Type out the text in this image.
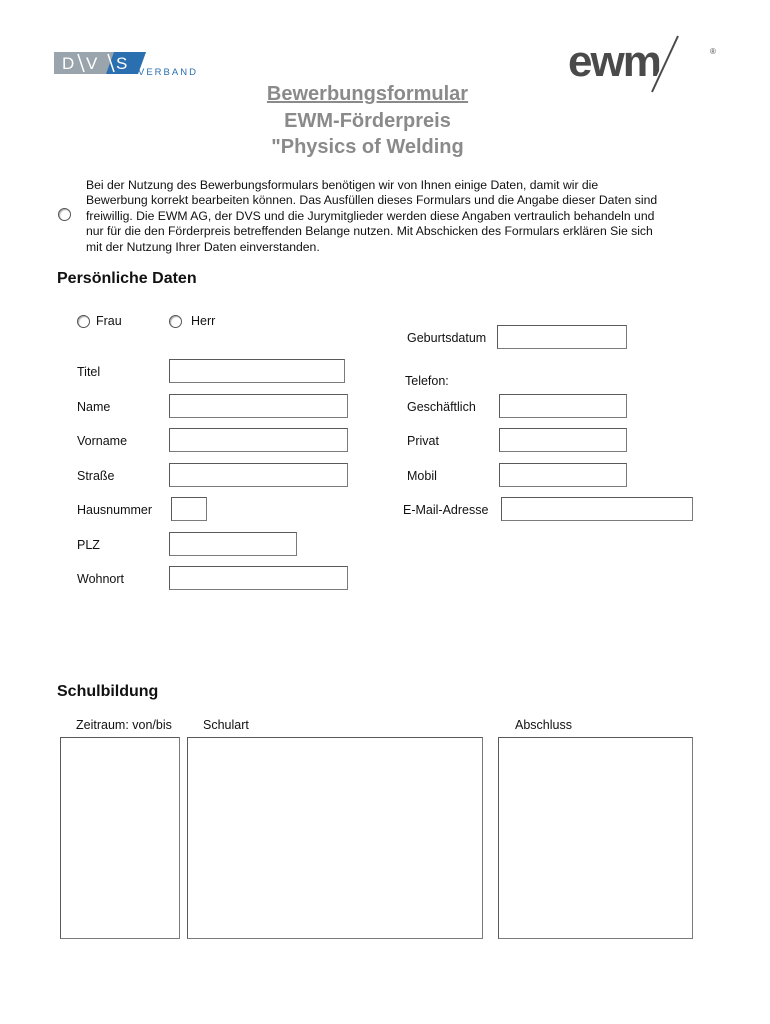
D V S VERBAND	ewm	®
Bewerbungsformular
EWM-Förderpreis
"Physics of Welding
Bei der Nutzung des Bewerbungsformulars benötigen wir von Ihnen einige Daten, damit wir die
Bewerbung korrekt bearbeiten können. Das Ausfüllen dieses Formulars und die Angabe dieser Daten sind
freiwillig. Die EWM AG, der DVS und die Jurymitglieder werden diese Angaben vertraulich behandeln und
nur für die den Förderpreis betreffenden Belange nutzen. Mit Abschicken des Formulars erklären Sie sich
mit der Nutzung Ihrer Daten einverstanden.
Persönliche Daten
Frau	Herr
Titel
Name
Vorname
Straße
Hausnummer
PLZ
Wohnort
Geburtsdatum
Telefon:
Geschäftlich
Privat
Mobil
E-Mail-Adresse
Schulbildung
Zeitraum: von/bis Schulart	Abschluss
